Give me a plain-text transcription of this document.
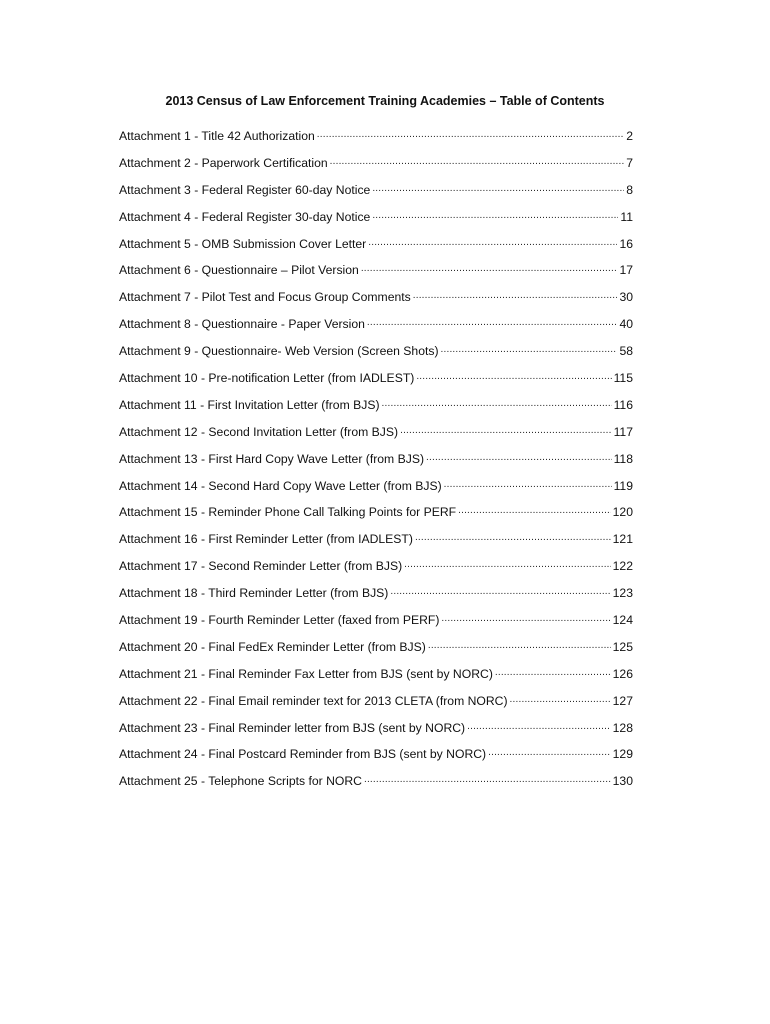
2013 Census of Law Enforcement Training Academies – Table of Contents
Attachment 1 - Title 42 Authorization .....	2
Attachment 2 - Paperwork Certification .....	7
Attachment 3 - Federal Register 60-day Notice .....	8
Attachment 4 - Federal Register 30-day Notice .....	11
Attachment 5 - OMB Submission Cover Letter .....	16
Attachment 6 - Questionnaire – Pilot Version .....	17
Attachment 7 - Pilot Test and Focus Group Comments .....	30
Attachment 8 - Questionnaire - Paper Version .....	40
Attachment 9 - Questionnaire- Web Version (Screen Shots) .....	58
Attachment 10 - Pre-notification Letter (from IADLEST) .....	115
Attachment 11 - First Invitation Letter (from BJS) .....	116
Attachment 12 - Second Invitation Letter (from BJS) .....	117
Attachment 13 - First Hard Copy Wave Letter (from BJS) .....	118
Attachment 14 - Second Hard Copy Wave Letter (from BJS) .....	119
Attachment 15 - Reminder Phone Call Talking Points for PERF .....	120
Attachment 16 - First Reminder Letter (from IADLEST) .....	121
Attachment 17 - Second Reminder Letter (from BJS) .....	122
Attachment 18 - Third Reminder Letter (from BJS) .....	123
Attachment 19 - Fourth Reminder Letter (faxed from PERF) .....	124
Attachment 20 - Final FedEx Reminder Letter (from BJS) .....	125
Attachment 21 - Final Reminder Fax Letter from BJS (sent by NORC) .....	126
Attachment 22 - Final Email reminder text for 2013 CLETA (from NORC) .....	127
Attachment 23 - Final Reminder letter from BJS (sent by NORC) .....	128
Attachment 24 - Final Postcard Reminder from BJS (sent by NORC) .....	129
Attachment 25 - Telephone Scripts for NORC .....	130
